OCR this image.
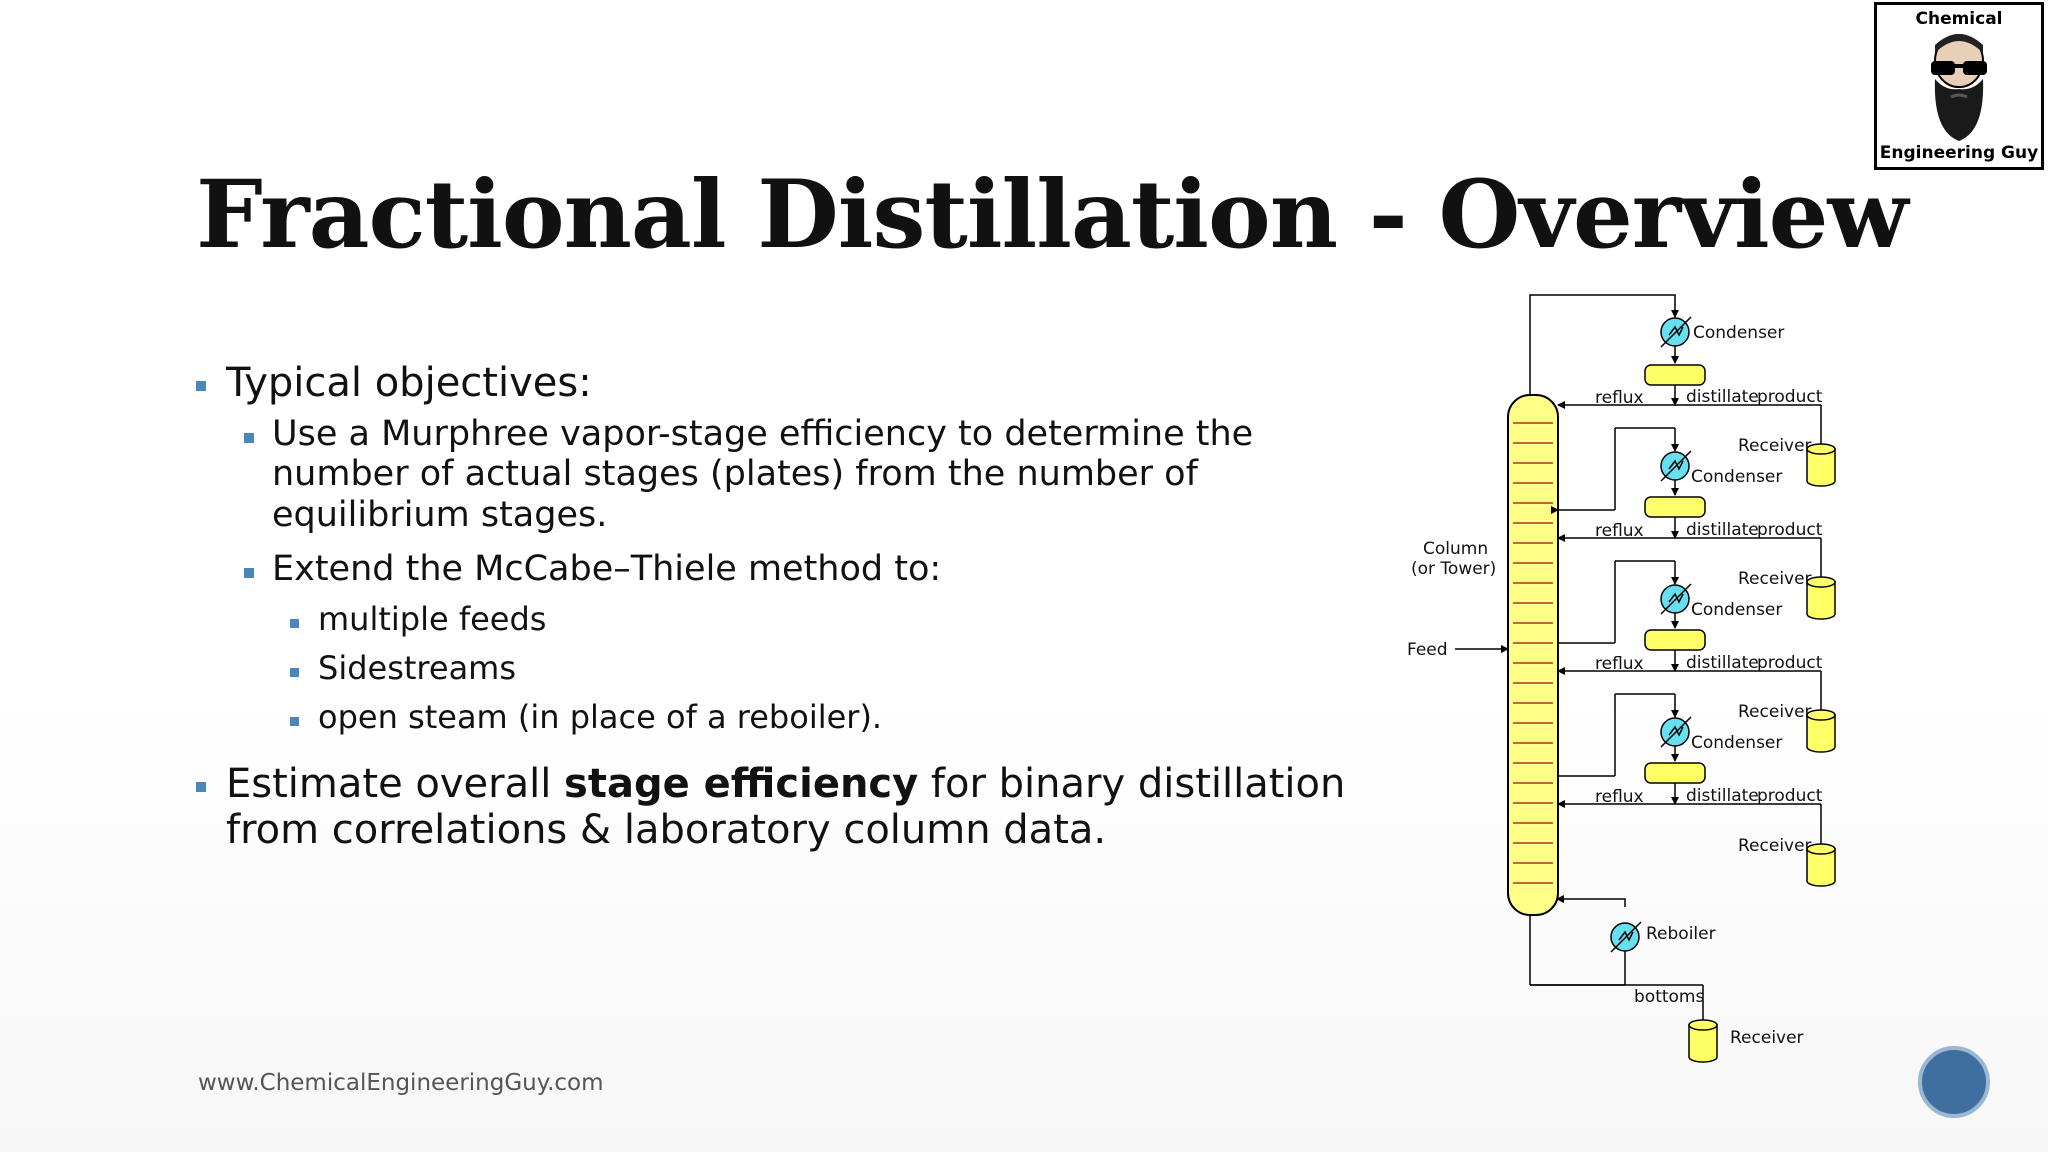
Chemical
Engineering Guy
Fractional Distillation - Overview
Typical objectives:
Use a Murphree vapor-stage efficiency to determine the number of actual stages (plates) from the number of equilibrium stages.
Extend the McCabe–Thiele method to:
multiple feeds
Sidestreams
open steam (in place of a reboiler).
Estimate overall stage efficiency for binary distillation from correlations & laboratory column data.
Condenser
Condenser
Condenser
Condenser
reflux distillate
product
reflux distillate
product
reflux distillate
product
reflux distillate
product
Receiver
Receiver
Receiver
Receiver
Receiver
Column
(or Tower)
Feed
Reboiler
bottoms
www.ChemicalEngineeringGuy.com
